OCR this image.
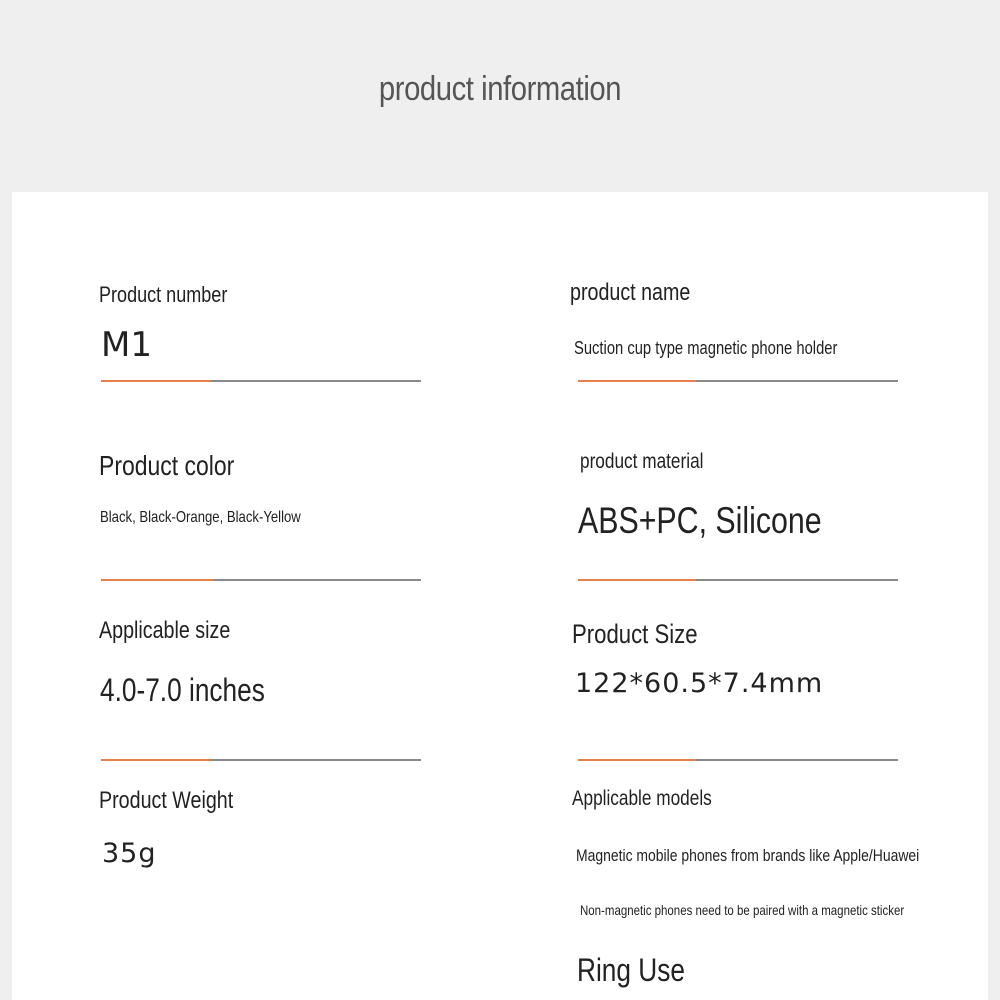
product information
Product number
M1
product name
Suction cup type magnetic phone holder
Product color
Black, Black-Orange, Black-Yellow
product material
ABS+PC, Silicone
Applicable size
4.0-7.0 inches
Product Size
122*60.5*7.4mm
Product Weight
35g
Applicable models
Magnetic mobile phones from brands like Apple/Huawei
Non-magnetic phones need to be paired with a magnetic sticker
Ring Use
